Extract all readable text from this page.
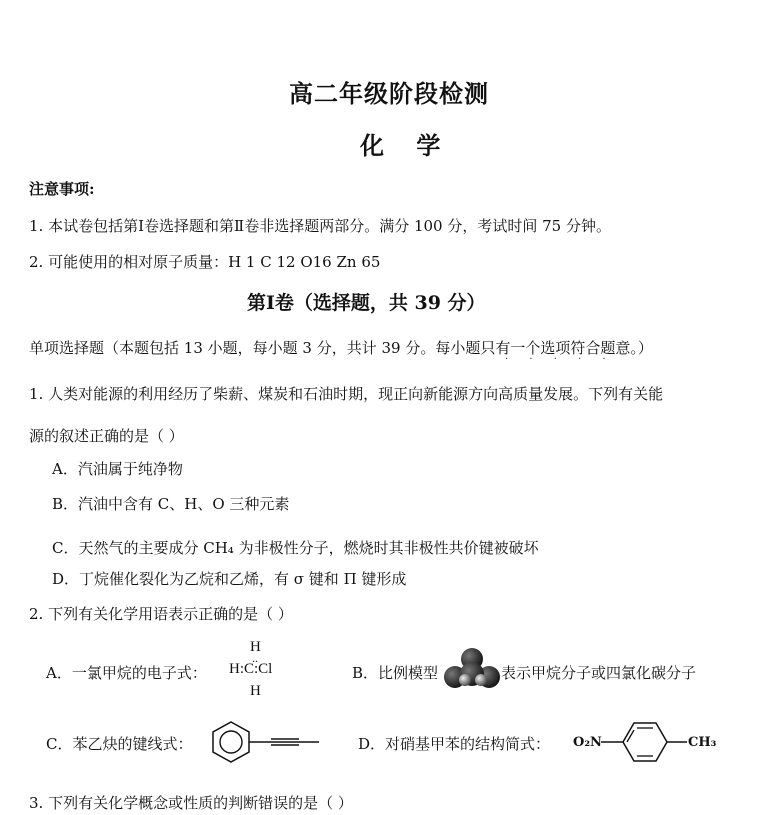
高二年级阶段检测
化 学
注意事项:
1. 本试卷包括第Ⅰ卷选择题和第Ⅱ卷非选择题两部分。满分 100 分，考试时间 75 分钟。
2. 可能使用的相对原子质量：H 1 C 12 O16 Zn 65
第Ⅰ卷（选择题，共 39 分）
单项选择题（本题包括 13 小题，每小题 3 分，共计 39 分。每小题只有一个选项符合题意。）
· · · · ·
1. 人类对能源的利用经历了柴薪、煤炭和石油时期，现正向新能源方向高质量发展。下列有关能
源的叙述正确的是（ ）
A．汽油属于纯净物
B．汽油中含有 C、H、O 三种元素
C．天然气的主要成分 CH₄ 为非极性分子，燃烧时其非极性共价键被破坏
D．丁烷催化裂化为乙烷和乙烯，有 σ 键和 Π 键形成
2. 下列有关化学用语表示正确的是（ ）
A．一氯甲烷的电子式：
H
..
H:C:Cl
H
B．比例模型	表示甲烷分子或四氯化碳分子
C．苯乙炔的键线式：	D．对硝基甲苯的结构简式： O₂N	CH₃
3. 下列有关化学概念或性质的判断错误的是（ ）
